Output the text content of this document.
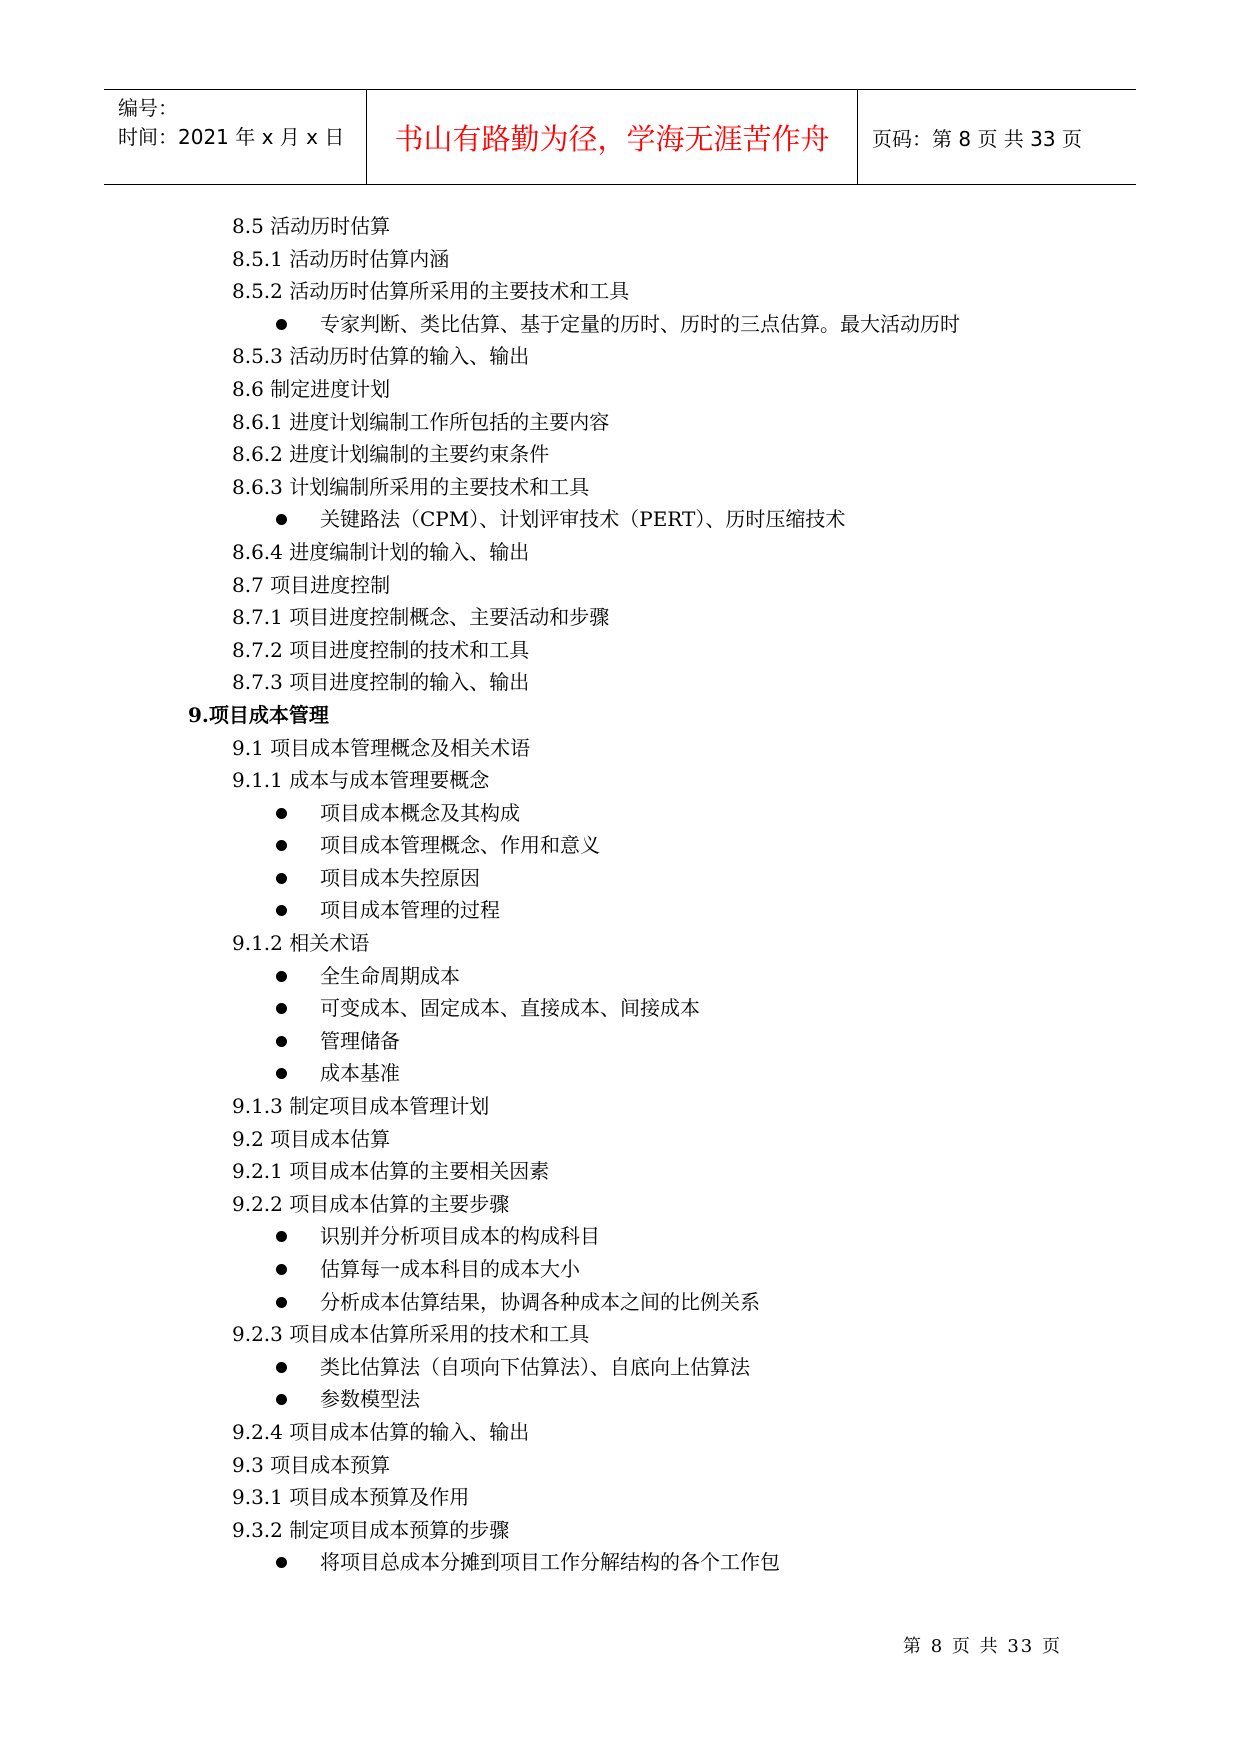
编号：
时间：2021 年 x 月 x 日	书山有路勤为径，学海无涯苦作舟 页码：第 8 页 共 33 页
8.5 活动历时估算
8.5.1 活动历时估算内涵
8.5.2 活动历时估算所采用的主要技术和工具
专家判断、类比估算、基于定量的历时、历时的三点估算。最大活动历时
8.5.3 活动历时估算的输入、输出
8.6 制定进度计划
8.6.1 进度计划编制工作所包括的主要内容
8.6.2 进度计划编制的主要约束条件
8.6.3 计划编制所采用的主要技术和工具
关键路法（CPM）、计划评审技术（PERT）、历时压缩技术
8.6.4 进度编制计划的输入、输出
8.7 项目进度控制
8.7.1 项目进度控制概念、主要活动和步骤
8.7.2 项目进度控制的技术和工具
8.7.3 项目进度控制的输入、输出
9.项目成本管理
9.1 项目成本管理概念及相关术语
9.1.1 成本与成本管理要概念
项目成本概念及其构成
项目成本管理概念、作用和意义
项目成本失控原因
项目成本管理的过程
9.1.2 相关术语
全生命周期成本
可变成本、固定成本、直接成本、间接成本
管理储备
成本基准
9.1.3 制定项目成本管理计划
9.2 项目成本估算
9.2.1 项目成本估算的主要相关因素
9.2.2 项目成本估算的主要步骤
识别并分析项目成本的构成科目
估算每一成本科目的成本大小
分析成本估算结果，协调各种成本之间的比例关系
9.2.3 项目成本估算所采用的技术和工具
类比估算法（自项向下估算法）、自底向上估算法
参数模型法
9.2.4 项目成本估算的输入、输出
9.3 项目成本预算
9.3.1 项目成本预算及作用
9.3.2 制定项目成本预算的步骤
将项目总成本分摊到项目工作分解结构的各个工作包
第 8 页 共 33 页
